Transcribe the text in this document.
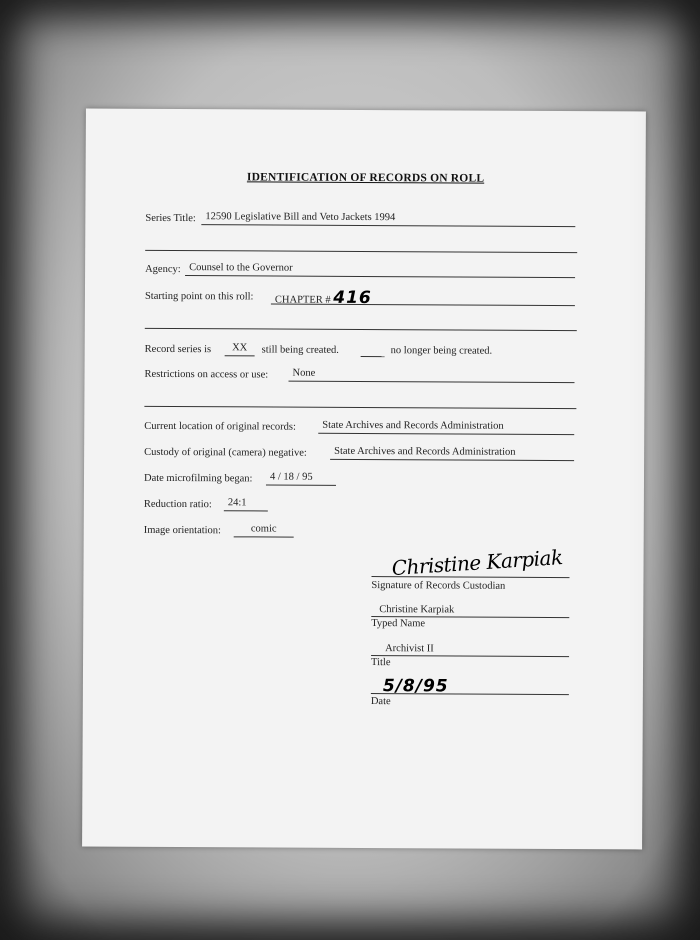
IDENTIFICATION OF RECORDS ON ROLL
Series Title: 12590 Legislative Bill and Veto Jackets 1994
Agency: Counsel to the Governor
Starting point on this roll:	CHAPTER # 416
Record series is	XX	still being created.	no longer being created.
Restrictions on access or use:	None
Current location of original records:	State Archives and Records Administration
Custody of original (camera) negative:	State Archives and Records Administration
Date microfilming began:	4 / 18 / 95
Reduction ratio:	24:1
Image orientation:	comic
Christine Karpiak
Signature of Records Custodian
Christine Karpiak
Typed Name
Archivist II
Title
5/8/95
Date
